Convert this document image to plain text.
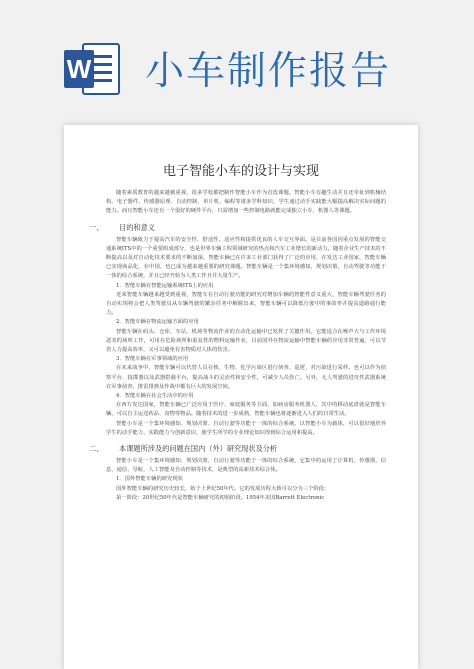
W 小车制作报告
电子智能小车的设计与实现

随着素质教育的越来越被重视，很多学校都把制作智能小车作为首选课题。智能小车有趣生动并且还牵扯到机械结构、电子器件、传感器原理、自动控制、单片机、编程等诸多学科知识，学生通过动手实践能大幅提高解决实际问题的能力。而且智能小车还有一个很好的硬件平台，只需增加一些控制电路就能完成独立小车，机器人等课题。

一、 目的和意义

智能车辆致力于提高汽车的安全性、舒适性，适应性和提供优良的人车交互界面。是目前各国因重点发展的智能交通系统ITS中的一个重要组成部分，也是世界车辆工程领域研究的热点和汽车工业增长的新动力。随着企业生产技术的不断提高以及对自动化技术要求的不断加深，智能车辆已在许多工业部门获得了广泛的应用，在发达工业国家，智能车辆已实现商品化，在中国，也已成为越来越重要的研究课题。智能车辆是一个集环境感知，规划决策，自动驾驶等功能于一体的综合系统，并且已经开始为人类工作且并大量生产。

1．智能车辆在智能运输系统ITS上的应用

近来智能车辆越来越受到重视，智能车在自动行驶功能的研究对增加车辆的智能性意义重大，智能车辆驾驶任务的自动实现将会把人类驾驶员从车辆驾驶的繁杂任务中解脱出来，智能车辆可以降低行驶中的事故率并提高道路通行能力。

2．智能车辆在物流运输方面的应用

智能车辆在码头、仓库、车站、机场等物流作业的自动化运输中已发挥了关键作用。它能适合在噪声大与工作环境恶劣的场所工作，可用在危险场所和重复性的物料运输作业，目前国外在物流运输中智能车辆的应用非常普遍，可以节省人力提高效率，又可以避免有害物质对人体的伤害。

3．智能车辆在军事领域的应用

在未来战争中，智能车辆可以代替人员在核、生物、化学污染区进行侦查、巡逻、对污染进行采样。也可以作为侦察平台、投掷器以及武器搭载平台，提高战斗的灵活性和安全性，可减少人员伤亡。另外，无人驾驶的进攻性武器系统在军事侦查、排雷排弹及作战中都有巨大的发展空间。

4．智能车辆在社会生活中的应用

在西方发达国家，智能车辆已广泛应用于医疗、家庭服务等方面，如病房服务机器人，其中的移动底盘就是智能车辆，可以自主运送药品、食物等物品。随着技术的进一步成熟，智能车辆也将逐渐进入人们的日常生活。

智能小车是一个集环境感知、规划决策、自动行驶等功能于一体的综合系统。以智能小车为载体，可以很好地培养学生的动手能力、实践能力与创新意识，使学生所学的专业理论知识得到综合运用和提高。

二、 本课题所涉及的问题在国内（外）研究现状及分析

智能小车是一个集环境感知、规划决策，自动行驶等功能于一体的综合系统，它集中的运用了计算机、传感器、信息、通信、导航、人工智能及自动控制等技术，是典型的高新技术综合体。

1．国外智能车辆的研究现状

国外智能车辆的研究历史较长，始于上世纪50年代。它的发展历程大致可以分为三个阶段：

第一阶段：20世纪50年代是智能车辆研究的初始阶段。1954年美国Barrett Electronic
